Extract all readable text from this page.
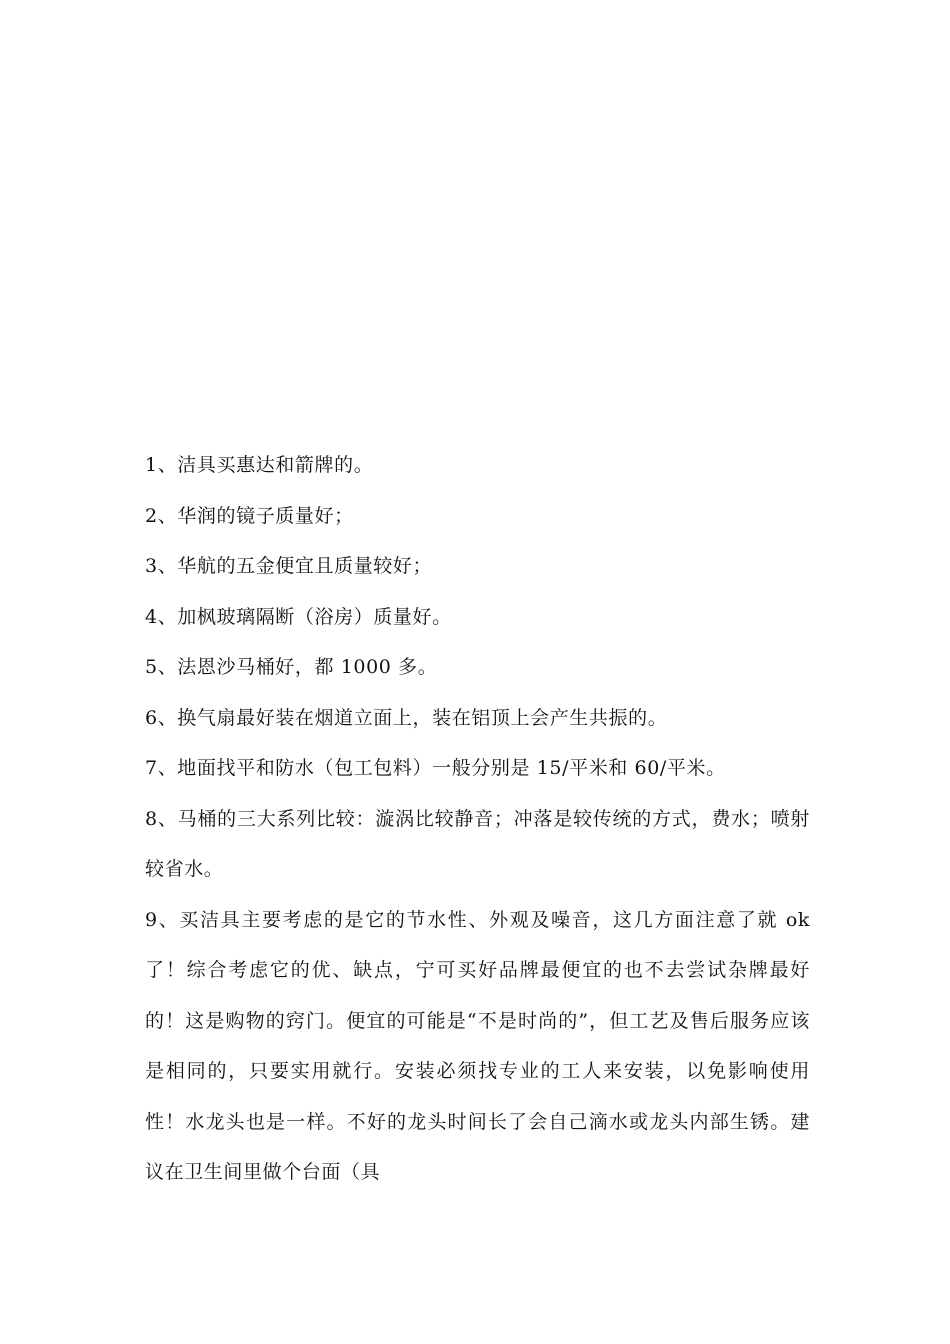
1、洁具买惠达和箭牌的。

2、华润的镜子质量好；

3、华航的五金便宜且质量较好；

4、加枫玻璃隔断（浴房）质量好。

5、法恩沙马桶好，都 1000 多。

6、换气扇最好装在烟道立面上，装在铝顶上会产生共振的。

7、地面找平和防水（包工包料）一般分别是 15/平米和 60/平米。

8、马桶的三大系列比较：漩涡比较静音；冲落是较传统的方式，费水；喷射较省水。

9、买洁具主要考虑的是它的节水性、外观及噪音，这几方面注意了就 ok 了！综合考虑它的优、缺点，宁可买好品牌最便宜的也不去尝试杂牌最好的！这是购物的窍门。便宜的可能是“不是时尚的”，但工艺及售后服务应该是相同的，只要实用就行。安装必须找专业的工人来安装，以免影响使用性！水龙头也是一样。不好的龙头时间长了会自己滴水或龙头内部生锈。建议在卫生间里做个台面（具
